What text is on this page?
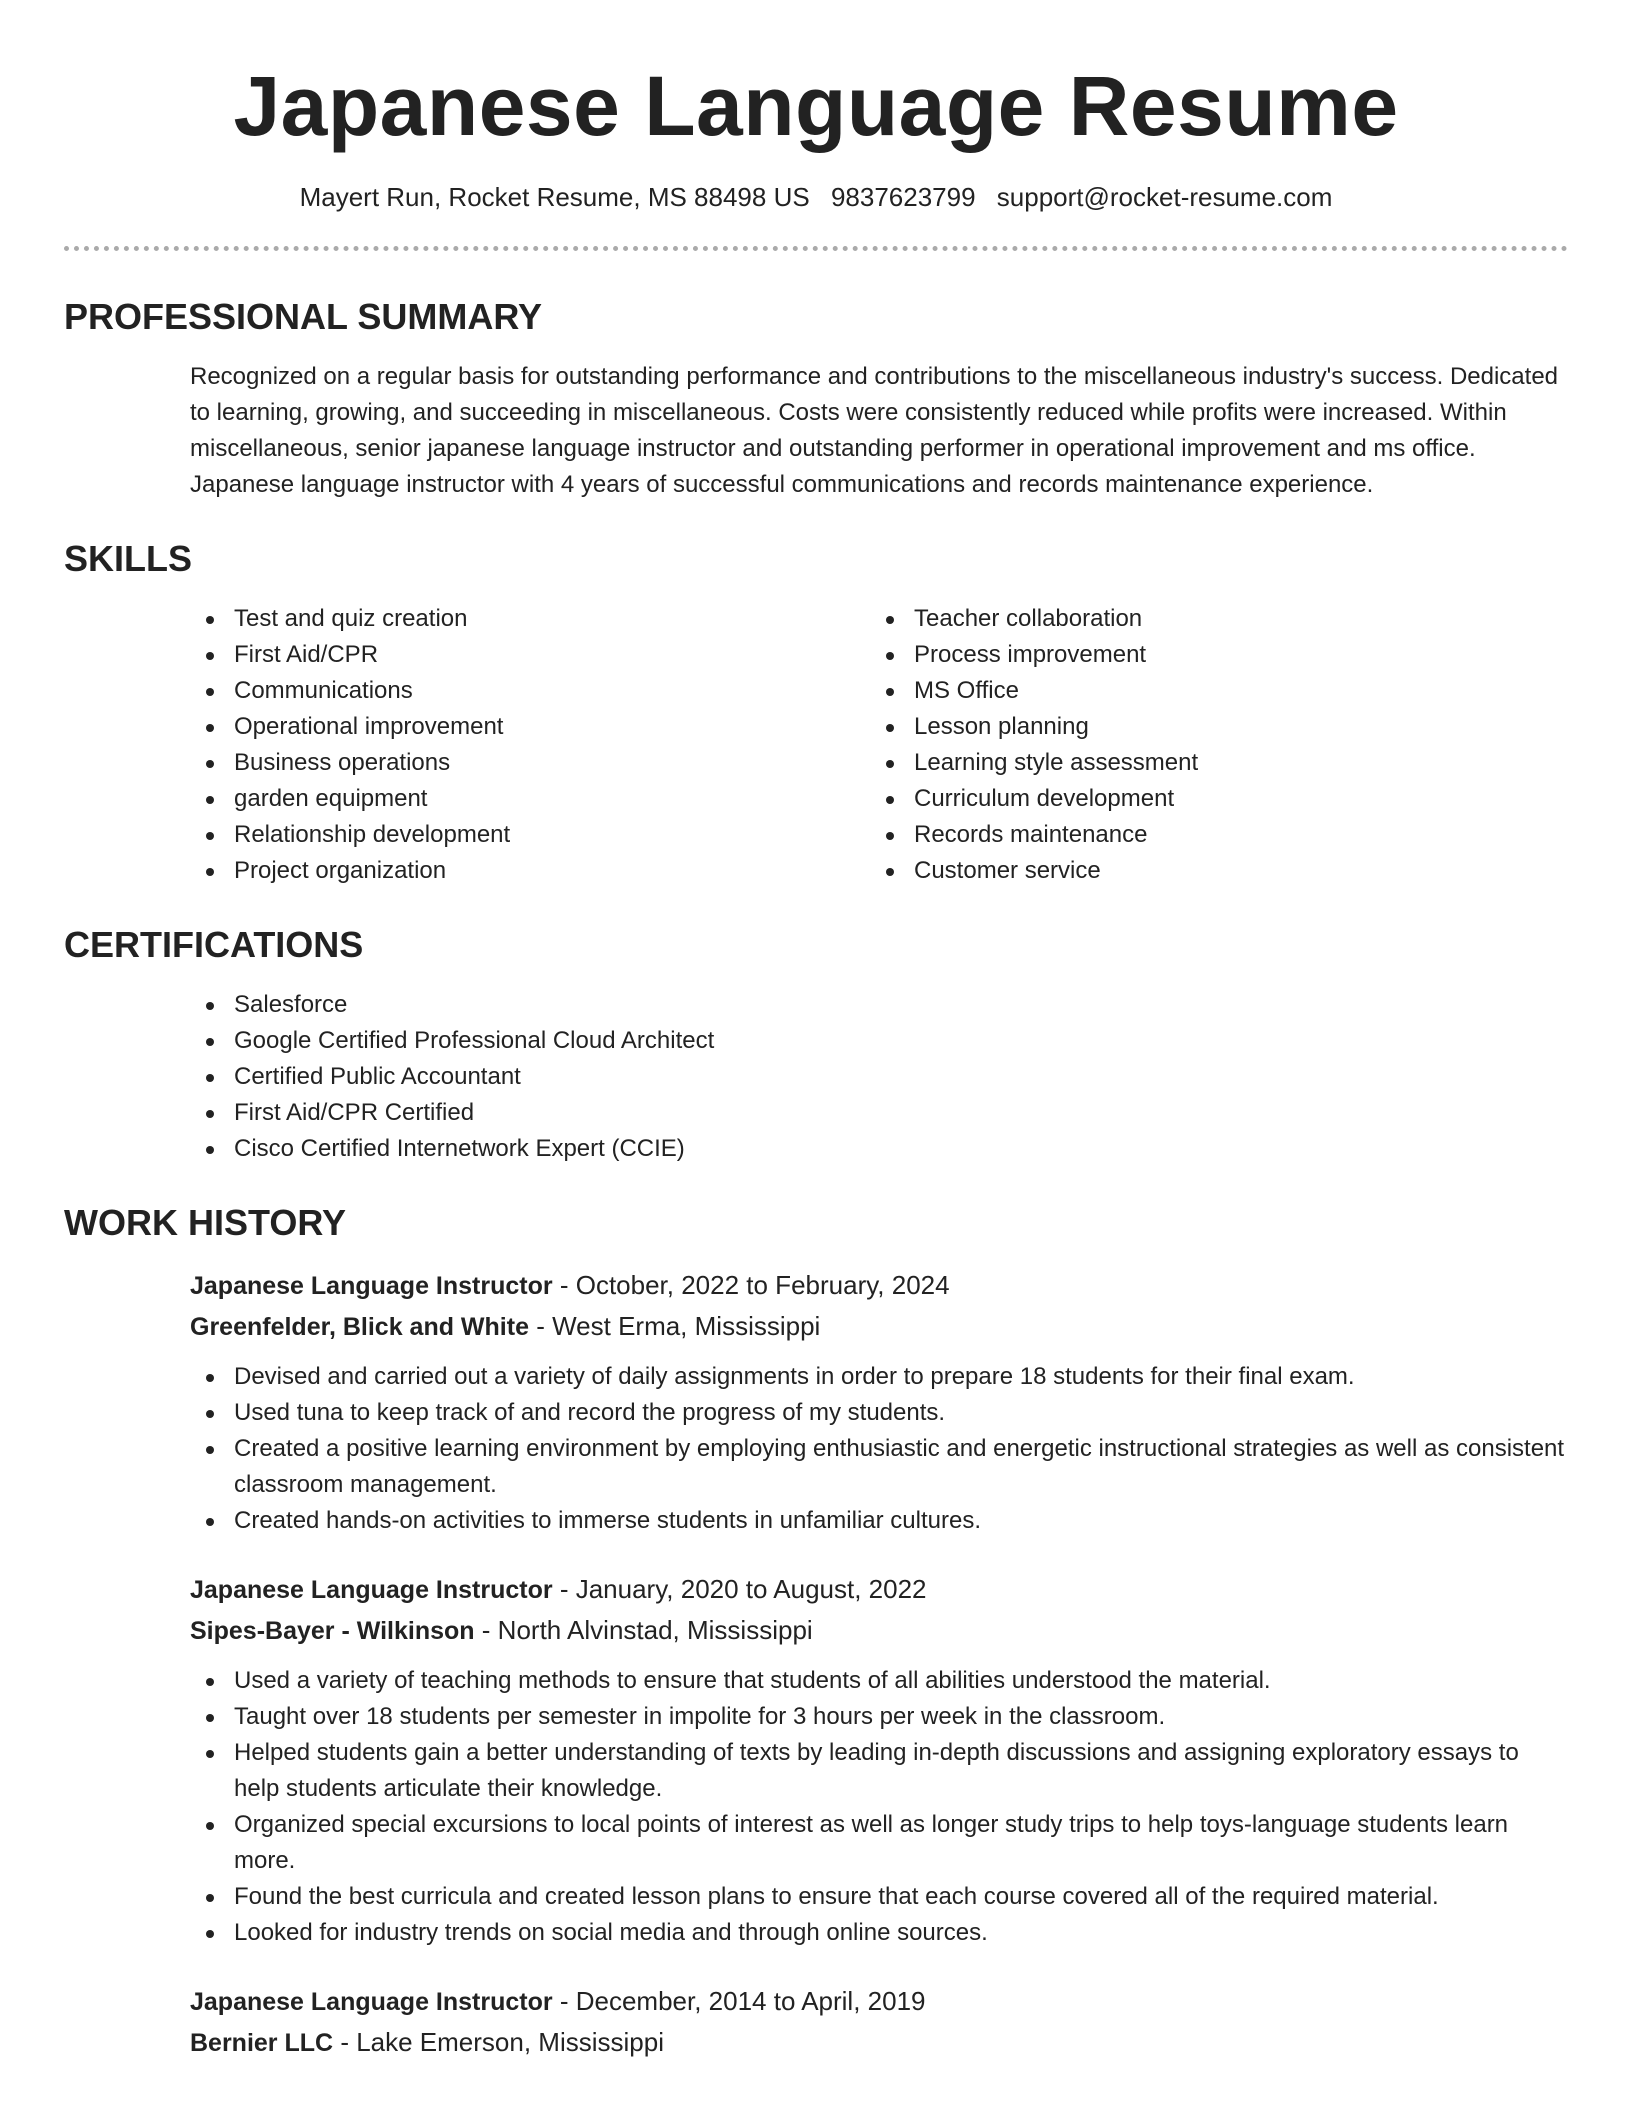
Japanese Language Resume
Mayert Run, Rocket Resume, MS 88498 US 9837623799 support@rocket-resume.com
PROFESSIONAL SUMMARY

Recognized on a regular basis for outstanding performance and contributions to the miscellaneous industry's success. Dedicated to learning, growing, and succeeding in miscellaneous. Costs were consistently reduced while profits were increased. Within miscellaneous, senior japanese language instructor and outstanding performer in operational improvement and ms office. Japanese language instructor with 4 years of successful communications and records maintenance experience.

SKILLS
Test and quiz creation
First Aid/CPR
Communications
Operational improvement
Business operations
garden equipment
Relationship development
Project organization
Teacher collaboration
Process improvement
MS Office
Lesson planning
Learning style assessment
Curriculum development
Records maintenance
Customer service
CERTIFICATIONS
Salesforce
Google Certified Professional Cloud Architect
Certified Public Accountant
First Aid/CPR Certified
Cisco Certified Internetwork Expert (CCIE)
WORK HISTORY
Japanese Language Instructor - October, 2022 to February, 2024
Greenfelder, Blick and White - West Erma, Mississippi
Devised and carried out a variety of daily assignments in order to prepare 18 students for their final exam.
Used tuna to keep track of and record the progress of my students.
Created a positive learning environment by employing enthusiastic and energetic instructional strategies as well as consistent classroom management.
Created hands-on activities to immerse students in unfamiliar cultures.
Japanese Language Instructor - January, 2020 to August, 2022
Sipes-Bayer - Wilkinson - North Alvinstad, Mississippi
Used a variety of teaching methods to ensure that students of all abilities understood the material.
Taught over 18 students per semester in impolite for 3 hours per week in the classroom.
Helped students gain a better understanding of texts by leading in-depth discussions and assigning exploratory essays to help students articulate their knowledge.
Organized special excursions to local points of interest as well as longer study trips to help toys-language students learn more.
Found the best curricula and created lesson plans to ensure that each course covered all of the required material.
Looked for industry trends on social media and through online sources.
Japanese Language Instructor - December, 2014 to April, 2019
Bernier LLC - Lake Emerson, Mississippi
